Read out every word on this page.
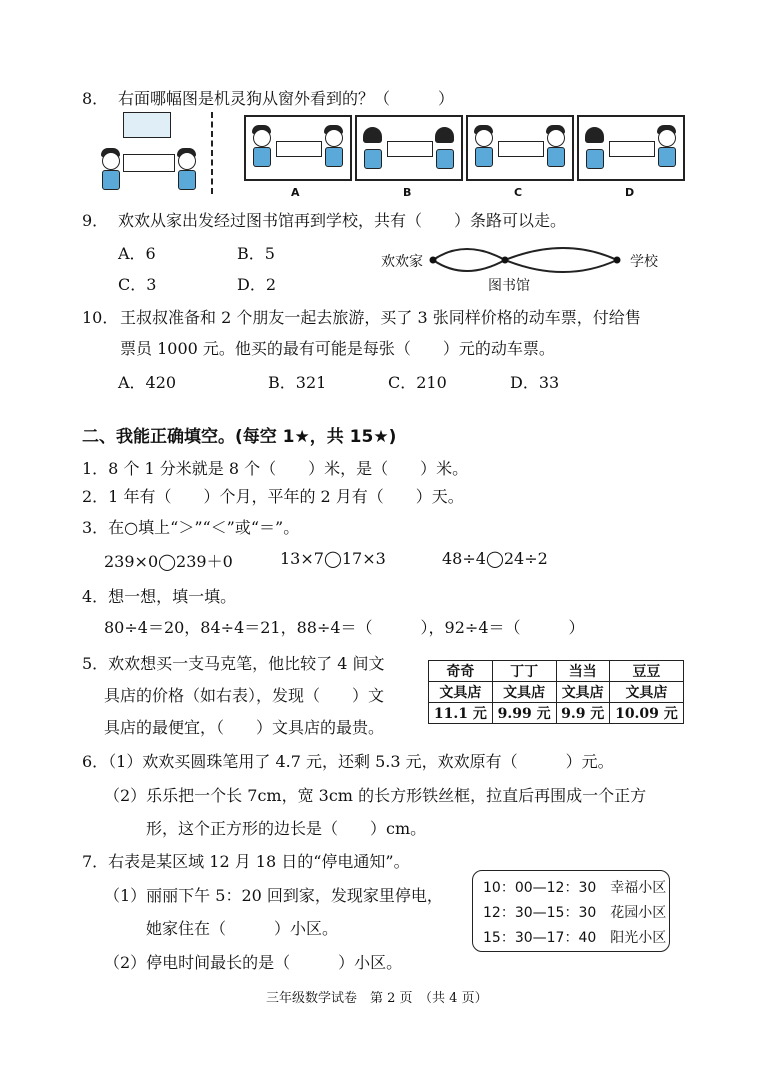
8． 右面哪幅图是机灵狗从窗外看到的？（　　　）
A	B	C	D
9． 欢欢从家出发经过图书馆再到学校，共有（　　）条路可以走。
A．6	B．5
C．3	D．2
欢欢家
图书馆
学校
10． 王叔叔准备和 2 个朋友一起去旅游，买了 3 张同样价格的动车票，付给售
票员 1000 元。他买的最有可能是每张（　　）元的动车票。
A．420	B．321	C．210	D．33
二、我能正确填空。(每空 1★，共 15★)
1．8 个 1 分米就是 8 个（　　）米，是（　　）米。
2．1 年有（　　）个月，平年的 2 月有（　　）天。
3．在○填上“＞”“＜”或“＝”。
239×0◯239＋0	13×7◯17×3	48÷4◯24÷2
4．想一想，填一填。
80÷4＝20，84÷4＝21，88÷4＝（　　　），92÷4＝（　　　）
5．欢欢想买一支马克笔，他比较了 4 间文
具店的价格（如右表），发现（　　）文
具店的最便宜，（　　）文具店的最贵。
奇奇	丁丁	当当	豆豆
文具店	文具店	文具店	文具店
11.1 元	9.99 元	9.9 元	10.09 元
6．（1）欢欢买圆珠笔用了 4.7 元，还剩 5.3 元，欢欢原有（　　　）元。
（2）乐乐把一个长 7cm，宽 3cm 的长方形铁丝框，拉直后再围成一个正方
形，这个正方形的边长是（　　）cm。
7．右表是某区域 12 月 18 日的“停电通知”。
（1）丽丽下午 5：20 回到家，发现家里停电，
她家住在（　　　）小区。
（2）停电时间最长的是（　　　）小区。
10：00—12：30 幸福小区
12：30—15：30 花园小区
15：30—17：40 阳光小区
三年级数学试卷　第 2 页　（共 4 页）
